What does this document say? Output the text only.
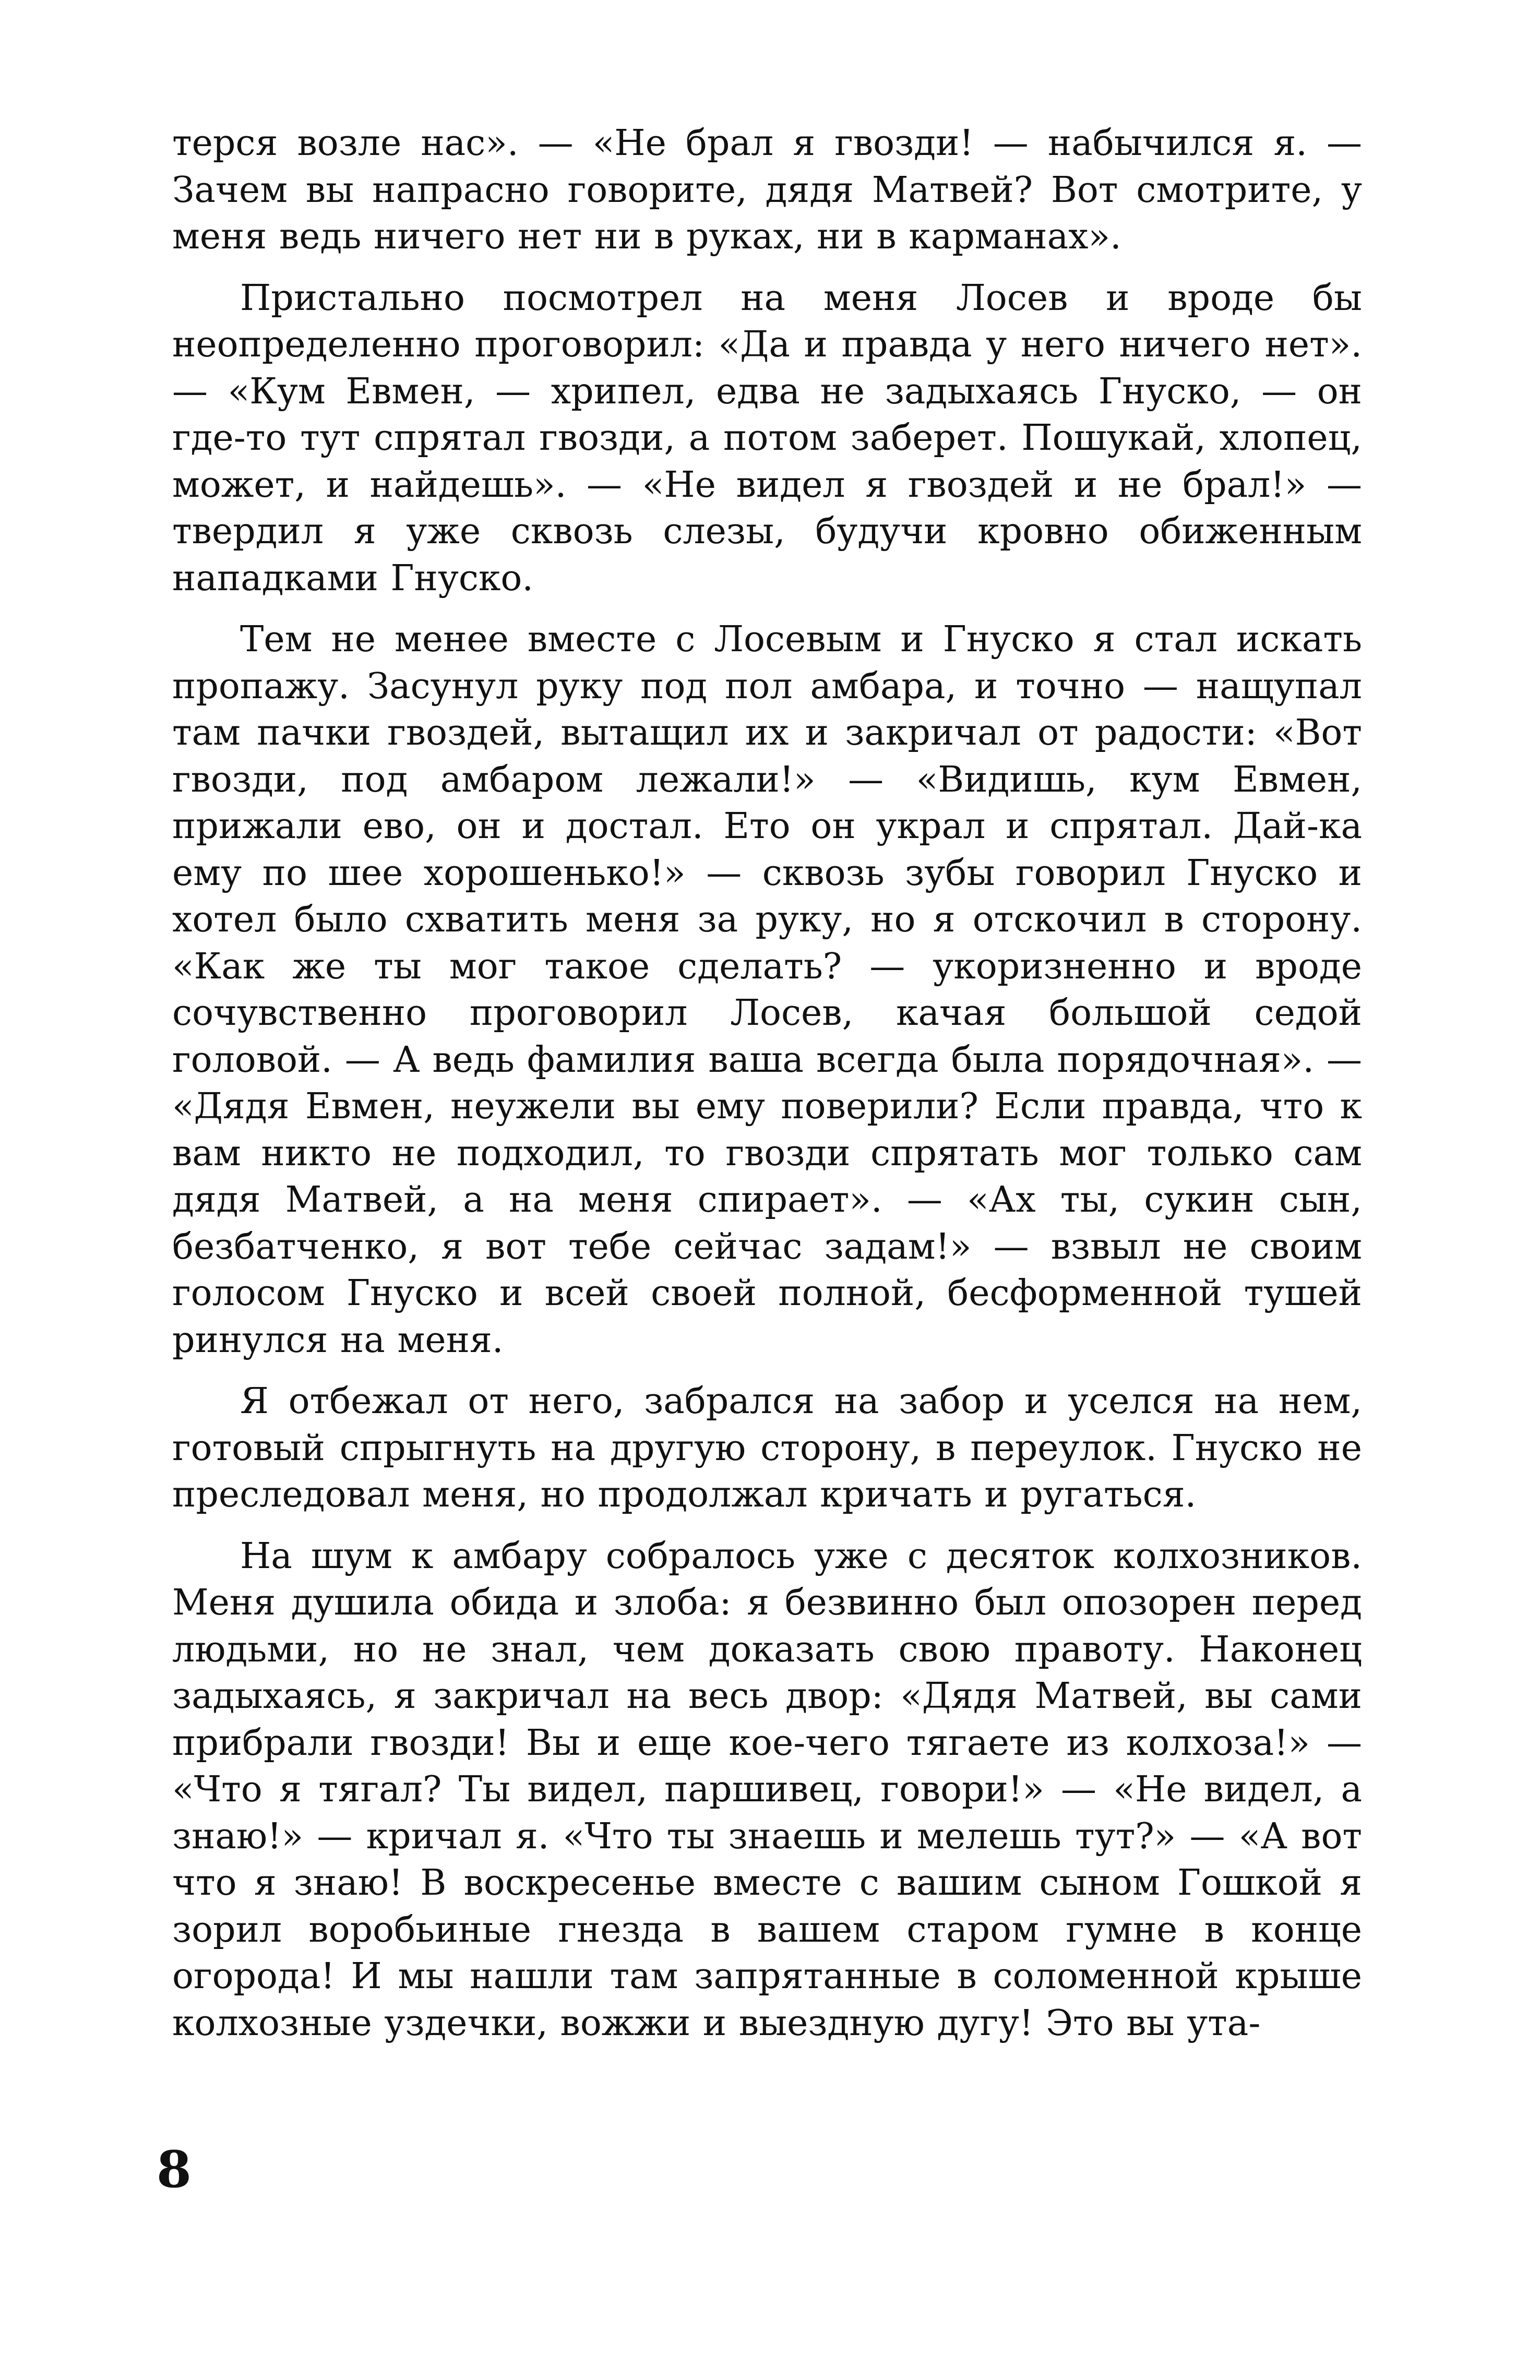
терся возле нас». — «Не брал я гвозди! — набычился я. — Зачем вы напрасно говорите, дядя Матвей? Вот смотрите, у меня ведь ничего нет ни в руках, ни в карманах».

Пристально посмотрел на меня Лосев и вроде бы неопределенно проговорил: «Да и правда у него ничего нет». — «Кум Евмен, — хрипел, едва не задыхаясь Гнуско, — он где-то тут спрятал гвозди, а потом заберет. Пошукай, хлопец, может, и найдешь». — «Не видел я гвоздей и не брал!» — твердил я уже сквозь слезы, будучи кровно обиженным нападками Гнуско.

Тем не менее вместе с Лосевым и Гнуско я стал искать пропажу. Засунул руку под пол амбара, и точно — нащупал там пачки гвоздей, вытащил их и закричал от радости: «Вот гвозди, под амбаром лежали!» — «Видишь, кум Евмен, прижали ево, он и достал. Ето он украл и спрятал. Дай-ка ему по шее хорошенько!» — сквозь зубы говорил Гнуско и хотел было схватить меня за руку, но я отскочил в сторону. «Как же ты мог такое сделать? — укоризненно и вроде сочувственно проговорил Лосев, качая большой седой головой. — А ведь фамилия ваша всегда была порядочная». — «Дядя Евмен, неужели вы ему поверили? Если правда, что к вам никто не подходил, то гвозди спрятать мог только сам дядя Матвей, а на меня спирает». — «Ах ты, сукин сын, безбатченко, я вот тебе сейчас задам!» — взвыл не своим голосом Гнуско и всей своей полной, бесформенной тушей ринулся на меня.

Я отбежал от него, забрался на забор и уселся на нем, готовый спрыгнуть на другую сторону, в переулок. Гнуско не преследовал меня, но продолжал кричать и ругаться.

На шум к амбару собралось уже с десяток колхозников. Меня душила обида и злоба: я безвинно был опозорен перед людьми, но не знал, чем доказать свою правоту. Наконец задыхаясь, я закричал на весь двор: «Дядя Матвей, вы сами прибрали гвозди! Вы и еще кое-чего тягаете из колхоза!» — «Что я тягал? Ты видел, паршивец, говори!» — «Не видел, а знаю!» — кричал я. «Что ты знаешь и мелешь тут?» — «А вот что я знаю! В воскресенье вместе с вашим сыном Гошкой я зорил воробьиные гнезда в вашем старом гумне в конце огорода! И мы нашли там запрятанные в соломенной крыше колхозные уздечки, вожжи и выездную дугу! Это вы ута-

8
